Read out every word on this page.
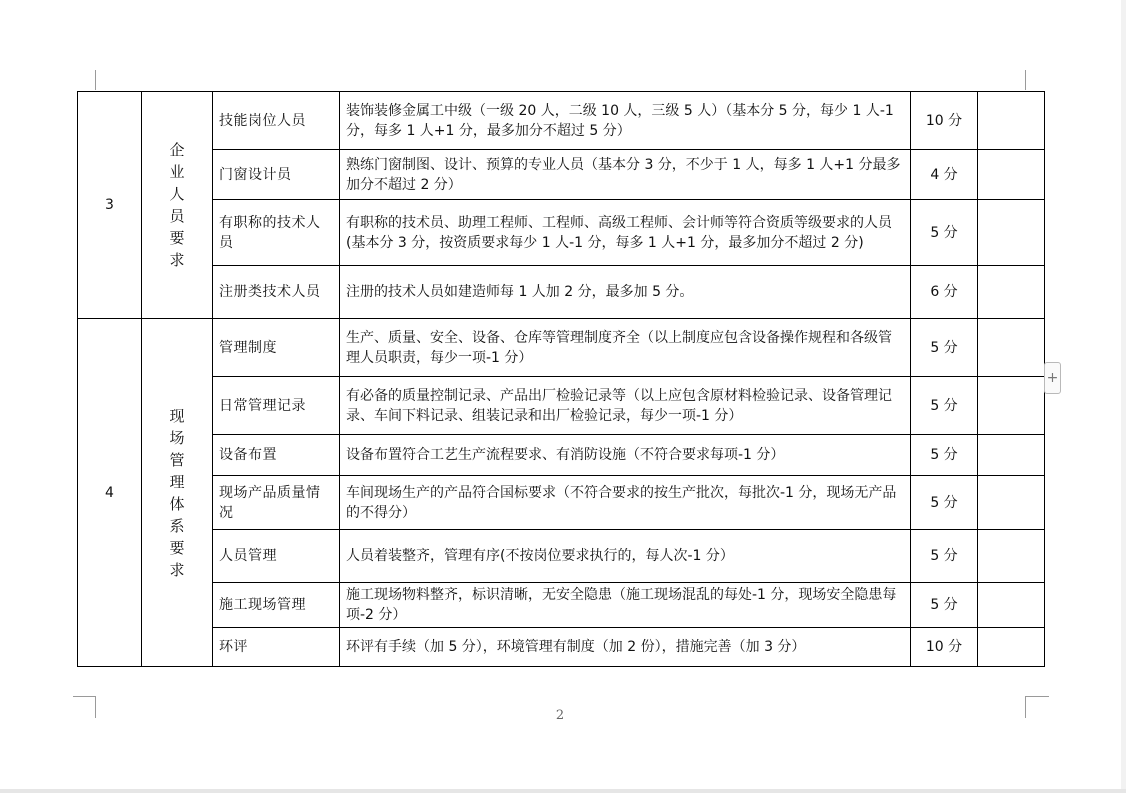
3	企业人员要求	技能岗位人员	装饰装修金属工中级（一级 20 人，二级 10 人，三级 5 人）（基本分 5 分，每少 1 人-1 分，每多 1 人+1 分，最多加分不超过 5 分）	10 分	
		门窗设计员	熟练门窗制图、设计、预算的专业人员（基本分 3 分，不少于 1 人，每多 1 人+1 分最多加分不超过 2 分）	4 分	
		有职称的技术人员	有职称的技术员、助理工程师、工程师、高级工程师、会计师等符合资质等级要求的人员(基本分 3 分，按资质要求每少 1 人-1 分，每多 1 人+1 分，最多加分不超过 2 分)	5 分	
		注册类技术人员	注册的技术人员如建造师每 1 人加 2 分，最多加 5 分。	6 分	
4	现场管理体系要求	管理制度	生产、质量、安全、设备、仓库等管理制度齐全（以上制度应包含设备操作规程和各级管理人员职责，每少一项-1 分）	5 分	
		日常管理记录	有必备的质量控制记录、产品出厂检验记录等（以上应包含原材料检验记录、设备管理记录、车间下料记录、组装记录和出厂检验记录，每少一项-1 分）	5 分	
		设备布置	设备布置符合工艺生产流程要求、有消防设施（不符合要求每项-1 分）	5 分	
		现场产品质量情况	车间现场生产的产品符合国标要求（不符合要求的按生产批次，每批次-1 分，现场无产品的不得分）	5 分	
		人员管理	人员着装整齐，管理有序(不按岗位要求执行的，每人次-1 分）	5 分	
		施工现场管理	施工现场物料整齐，标识清晰，无安全隐患（施工现场混乱的每处-1 分，现场安全隐患每项-2 分）	5 分	
		环评	环评有手续（加 5 分），环境管理有制度（加 2 份），措施完善（加 3 分）	10 分	
+
2
